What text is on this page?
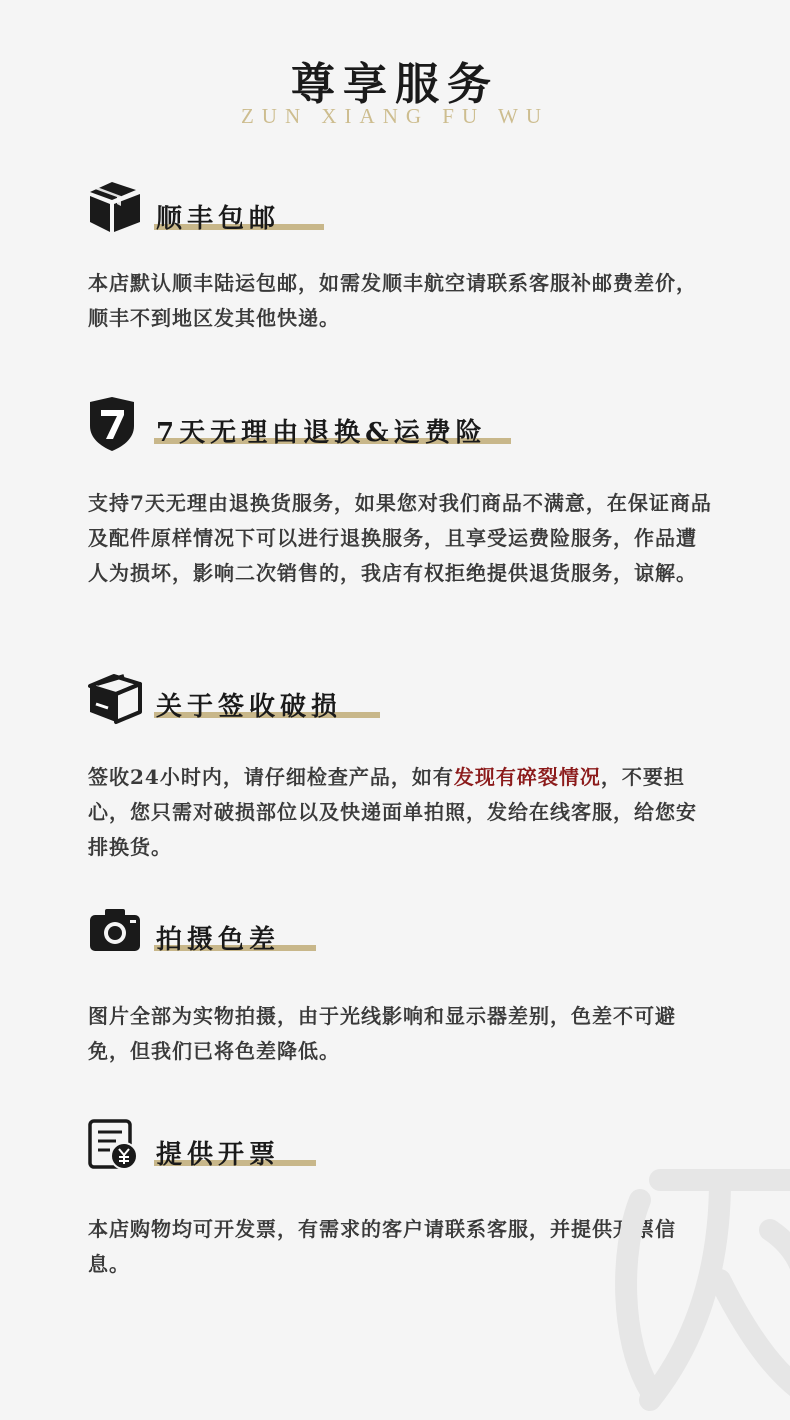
尊享服务
ZUN XIANG FU WU
顺丰包邮
本店默认顺丰陆运包邮，如需发顺丰航空请联系客服补邮费差价，顺丰不到地区发其他快递。
7天无理由退换&运费险
支持7天无理由退换货服务，如果您对我们商品不满意，在保证商品及配件原样情况下可以进行退换服务，且享受运费险服务，作品遭人为损坏，影响二次销售的，我店有权拒绝提供退货服务，谅解。
关于签收破损
签收24小时内，请仔细检查产品，如有发现有碎裂情况，不要担心，您只需对破损部位以及快递面单拍照，发给在线客服，给您安排换货。
拍摄色差
图片全部为实物拍摄，由于光线影响和显示器差别，色差不可避免，但我们已将色差降低。
提供开票
本店购物均可开发票，有需求的客户请联系客服，并提供开票信息。
